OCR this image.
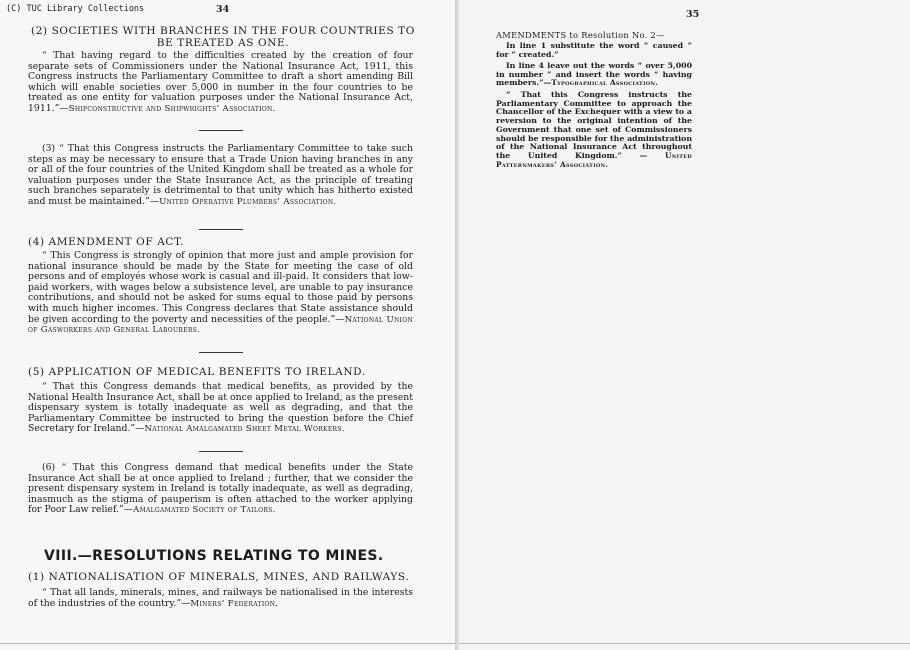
(C) TUC Library Collections	34
(2) SOCIETIES WITH BRANCHES IN THE FOUR COUNTRIES TO BE TREATED AS ONE.
“ That having regard to the difficulties created by the creation of four separate sets of Commissioners under the National Insurance Act, 1911, this Congress instructs the Parliamentary Committee to draft a short amending Bill which will enable societies over 5,000 in number in the four countries to be treated as one entity for valuation purposes under the National Insurance Act, 1911.”—Shipconstructive and Shipwrights’ Association.
(3) “ That this Congress instructs the Parliamentary Committee to take such steps as may be necessary to ensure that a Trade Union having branches in any or all of the four countries of the United Kingdom shall be treated as a whole for valuation purposes under the State Insurance Act, as the principle of treating such branches separately is detrimental to that unity which has hitherto existed and must be maintained.”—United Operative Plumbers’ Association.
(4) AMENDMENT OF ACT.
“ This Congress is strongly of opinion that more just and ample provision for national insurance should be made by the State for meeting the case of old persons and of employés whose work is casual and ill-paid. It considers that low-paid workers, with wages below a subsistence level, are unable to pay insurance contributions, and should not be asked for sums equal to those paid by persons with much higher incomes. This Congress declares that State assistance should be given according to the poverty and necessities of the people.”—National Union of Gasworkers and General Labourers.
(5) APPLICATION OF MEDICAL BENEFITS TO IRELAND.
“ That this Congress demands that medical benefits, as provided by the National Health Insurance Act, shall be at once applied to Ireland, as the present dispensary system is totally inadequate as well as degrading, and that the Parliamentary Committee be instructed to bring the question before the Chief Secretary for Ireland.”—National Amalgamated Sheet Metal Workers.
(6) “ That this Congress demand that medical benefits under the State Insurance Act shall be at once applied to Ireland ; further, that we consider the present dispensary system in Ireland is totally inadequate, as well as degrading, inasmuch as the stigma of pauperism is often attached to the worker applying for Poor Law relief.”—Amalgamated Society of Tailors.
VIII.—RESOLUTIONS RELATING TO MINES.
(1) NATIONALISATION OF MINERALS, MINES, AND RAILWAYS.
“ That all lands, minerals, mines, and railways be nationalised in the interests of the industries of the country.”—Miners’ Federation.
35
AMENDMENTS to Resolution No. 2—
In line 1 substitute the word “ caused ” for “ created.”
In line 4 leave out the words “ over 5,000 in number ” and insert the words “ having members.”—Typographical Association.
“ That this Congress instructs the Parliamentary Committee to approach the Chancellor of the Exchequer with a view to a reversion to the original intention of the Government that one set of Commissioners should be responsible for the administration of the National Insurance Act throughout the United Kingdom.” — United Patternmakers’ Association.
